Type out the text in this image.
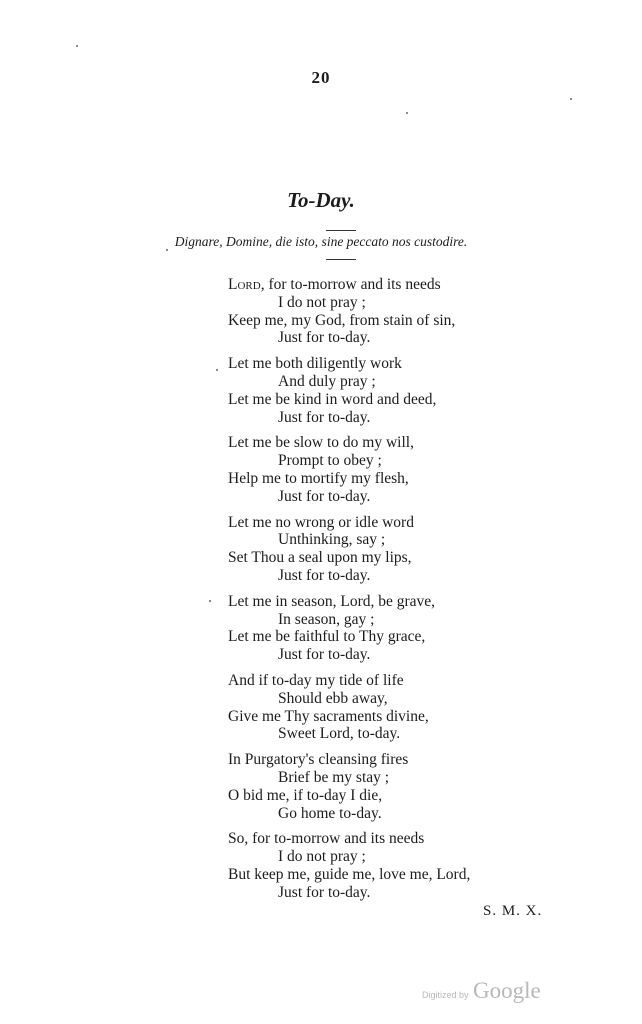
20
To-Day.
Dignare, Domine, die isto, sine peccato nos custodire.
Lord, for to-morrow and its needs
I do not pray ;
Keep me, my God, from stain of sin,
Just for to-day.
Let me both diligently work
And duly pray ;
Let me be kind in word and deed,
Just for to-day.
Let me be slow to do my will,
Prompt to obey ;
Help me to mortify my flesh,
Just for to-day.
Let me no wrong or idle word
Unthinking, say ;
Set Thou a seal upon my lips,
Just for to-day.
Let me in season, Lord, be grave,
In season, gay ;
Let me be faithful to Thy grace,
Just for to-day.
And if to-day my tide of life
Should ebb away,
Give me Thy sacraments divine,
Sweet Lord, to-day.
In Purgatory's cleansing fires
Brief be my stay ;
O bid me, if to-day I die,
Go home to-day.
So, for to-morrow and its needs
I do not pray ;
But keep me, guide me, love me, Lord,
Just for to-day.
S. M. X.
Digitized by Google
